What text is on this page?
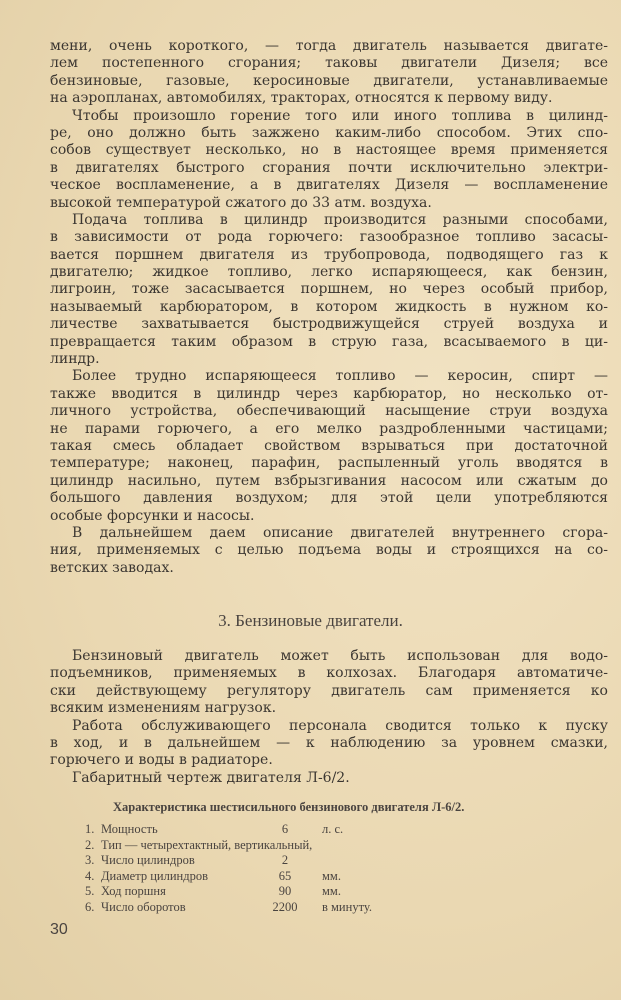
мени, очень короткого, — тогда двигатель называется двигате-
лем постепенного сгорания; таковы двигатели Дизеля; все
бензиновые, газовые, керосиновые двигатели, устанавливаемые
на аэропланах, автомобилях, тракторах, относятся к первому виду.
Чтобы произошло горение того или иного топлива в цилинд-
ре, оно должно быть зажжено каким-либо способом. Этих спо-
собов существует несколько, но в настоящее время применяется
в двигателях быстрого сгорания почти исключительно электри-
ческое воспламенение, а в двигателях Дизеля — воспламенение
высокой температурой сжатого до 33 атм. воздуха.
Подача топлива в цилиндр производится разными способами,
в зависимости от рода горючего: газообразное топливо засасы-
вается поршнем двигателя из трубопровода, подводящего газ к
двигателю; жидкое топливо, легко испаряющееся, как бензин,
лигроин, тоже засасывается поршнем, но через особый прибор,
называемый карбюратором, в котором жидкость в нужном ко-
личестве захватывается быстродвижущейся струей воздуха и
превращается таким образом в струю газа, всасываемого в ци-
линдр.
Более трудно испаряющееся топливо — керосин, спирт —
также вводится в цилиндр через карбюратор, но несколько от-
личного устройства, обеспечивающий насыщение струи воздуха
не парами горючего, а его мелко раздробленными частицами;
такая смесь обладает свойством взрываться при достаточной
температуре; наконец, парафин, распыленный уголь вводятся в
цилиндр насильно, путем взбрызгивания насосом или сжатым до
большого давления воздухом; для этой цели употребляются
особые форсунки и насосы.
В дальнейшем даем описание двигателей внутреннего сгора-
ния, применяемых с целью подъема воды и строящихся на со-
ветских заводах.
3. Бензиновые двигатели.
Бензиновый двигатель может быть использован для водо-
подъемников, применяемых в колхозах. Благодаря автоматиче-
ски действующему регулятору двигатель сам применяется ко
всяким изменениям нагрузок.
Работа обслуживающего персонала сводится только к пуску
в ход, и в дальнейшем — к наблюдению за уровнем смазки,
горючего и воды в радиаторе.
Габаритный чертеж двигателя Л-6/2.
Характеристика шестисильного бензинового двигателя Л-6/2.
1. Мощность	6	л. с.
2. Тип — четырехтактный, вертикальный,
3. Число цилиндров	2
4. Диаметр цилиндров	65	мм.
5. Ход поршня	90	мм.
6. Число оборотов	2200	в минуту.
30
